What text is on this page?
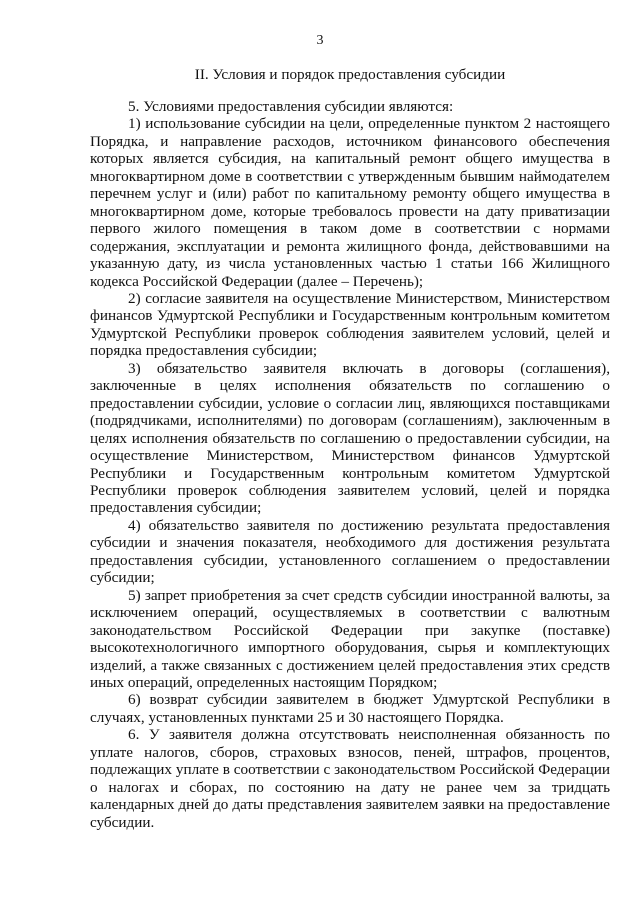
3
II. Условия и порядок предоставления субсидии

5. Условиями предоставления субсидии являются:

1) использование субсидии на цели, определенные пунктом 2 настоящего Порядка, и направление расходов, источником финансового обеспечения которых является субсидия, на капитальный ремонт общего имущества в многоквартирном доме в соответствии с утвержденным бывшим наймодателем перечнем услуг и (или) работ по капитальному ремонту общего имущества в многоквартирном доме, которые требовалось провести на дату приватизации первого жилого помещения в таком доме в соответствии с нормами содержания, эксплуатации и ремонта жилищного фонда, действовавшими на указанную дату, из числа установленных частью 1 статьи 166 Жилищного кодекса Российской Федерации (далее – Перечень);

2) согласие заявителя на осуществление Министерством, Министерством финансов Удмуртской Республики и Государственным контрольным комитетом Удмуртской Республики проверок соблюдения заявителем условий, целей и порядка предоставления субсидии;

3) обязательство заявителя включать в договоры (соглашения), заключенные в целях исполнения обязательств по соглашению о предоставлении субсидии, условие о согласии лиц, являющихся поставщиками (подрядчиками, исполнителями) по договорам (соглашениям), заключенным в целях исполнения обязательств по соглашению о предоставлении субсидии, на осуществление Министерством, Министерством финансов Удмуртской Республики и Государственным контрольным комитетом Удмуртской Республики проверок соблюдения заявителем условий, целей и порядка предоставления субсидии;

4) обязательство заявителя по достижению результата предоставления субсидии и значения показателя, необходимого для достижения результата предоставления субсидии, установленного соглашением о предоставлении субсидии;

5) запрет приобретения за счет средств субсидии иностранной валюты, за исключением операций, осуществляемых в соответствии с валютным законодательством Российской Федерации при закупке (поставке) высокотехнологичного импортного оборудования, сырья и комплектующих изделий, а также связанных с достижением целей предоставления этих средств иных операций, определенных настоящим Порядком;

6) возврат субсидии заявителем в бюджет Удмуртской Республики в случаях, установленных пунктами 25 и 30 настоящего Порядка.

6. У заявителя должна отсутствовать неисполненная обязанность по уплате налогов, сборов, страховых взносов, пеней, штрафов, процентов, подлежащих уплате в соответствии с законодательством Российской Федерации о налогах и сборах, по состоянию на дату не ранее чем за тридцать календарных дней до даты представления заявителем заявки на предоставление субсидии.
